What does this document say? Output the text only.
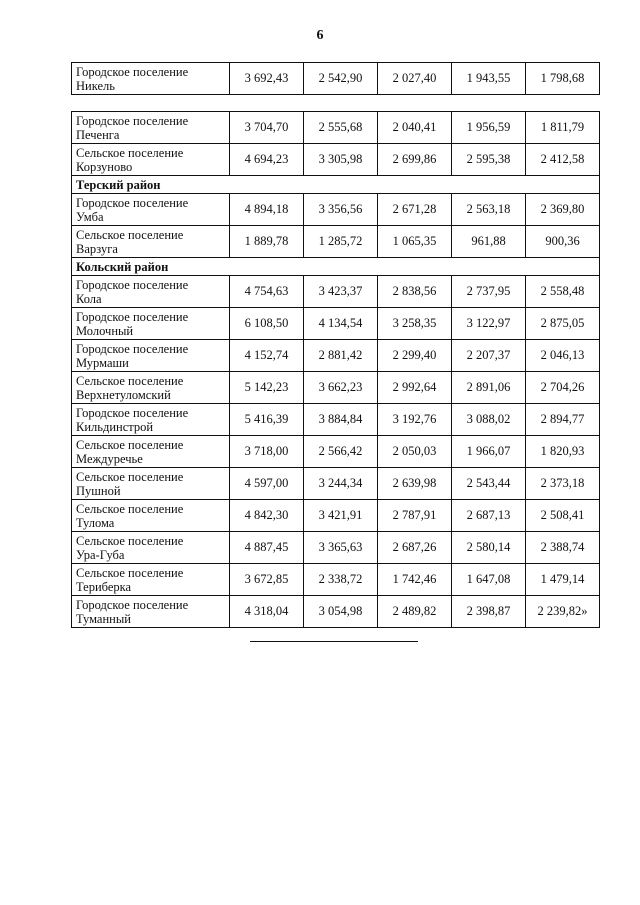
6
Городское поселение
Никель
	3 692,43	2 542,90	2 027,40	1 943,55	1 798,68
Городское поселение
Печенга	3 704,70	2 555,68	2 040,41	1 956,59	1 811,79

Сельское поселение
Корзуново	4 694,23	3 305,98	2 699,86	2 595,38	2 412,58
Терский район					

Городское поселение
Умба	4 894,18	3 356,56	2 671,28	2 563,18	2 369,80

Сельское поселение
Варзуга	1 889,78	1 285,72	1 065,35	961,88	900,36
Кольский район					

Городское поселение
Кола	4 754,63	3 423,37	2 838,56	2 737,95	2 558,48

Городское поселение
Молочный	6 108,50	4 134,54	3 258,35	3 122,97	2 875,05

Городское поселение
Мурмаши	4 152,74	2 881,42	2 299,40	2 207,37	2 046,13

Сельское поселение
Верхнетуломский	5 142,23	3 662,23	2 992,64	2 891,06	2 704,26

Городское поселение
Кильдинстрой	5 416,39	3 884,84	3 192,76	3 088,02	2 894,77

Сельское поселение
Междуречье	3 718,00	2 566,42	2 050,03	1 966,07	1 820,93

Сельское поселение
Пушной	4 597,00	3 244,34	2 639,98	2 543,44	2 373,18

Сельское поселение
Тулома	4 842,30	3 421,91	2 787,91	2 687,13	2 508,41

Сельское поселение
Ура-Губа	4 887,45	3 365,63	2 687,26	2 580,14	2 388,74

Сельское поселение
Териберка	3 672,85	2 338,72	1 742,46	1 647,08	1 479,14

Городское поселение
Туманный	4 318,04	3 054,98	2 489,82	2 398,87	2 239,82»
